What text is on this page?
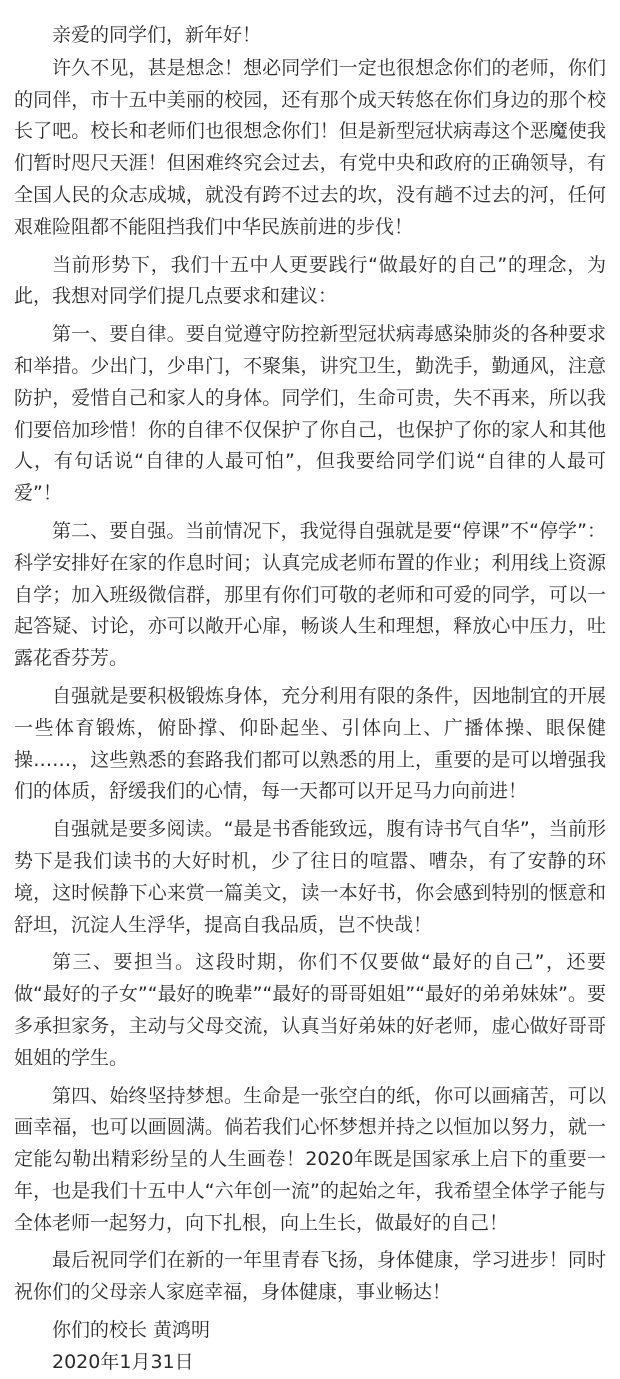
亲爱的同学们，新年好！

许久不见，甚是想念！想必同学们一定也很想念你们的老师，你们的同伴，市十五中美丽的校园，还有那个成天转悠在你们身边的那个校长了吧。校长和老师们也很想念你们！但是新型冠状病毒这个恶魔使我们暂时咫尺天涯！但困难终究会过去，有党中央和政府的正确领导，有全国人民的众志成城，就没有跨不过去的坎，没有趟不过去的河，任何艰难险阻都不能阻挡我们中华民族前进的步伐！

当前形势下，我们十五中人更要践行“做最好的自己”的理念，为此，我想对同学们提几点要求和建议：

第一、要自律。要自觉遵守防控新型冠状病毒感染肺炎的各种要求和举措。少出门，少串门，不聚集，讲究卫生，勤洗手，勤通风，注意防护，爱惜自己和家人的身体。同学们，生命可贵，失不再来，所以我们要倍加珍惜！你的自律不仅保护了你自己，也保护了你的家人和其他人，有句话说“自律的人最可怕”，但我要给同学们说“自律的人最可爱”！

第二、要自强。当前情况下，我觉得自强就是要“停课”不“停学”：科学安排好在家的作息时间；认真完成老师布置的作业；利用线上资源自学；加入班级微信群，那里有你们可敬的老师和可爱的同学，可以一起答疑、讨论，亦可以敞开心扉，畅谈人生和理想，释放心中压力，吐露花香芬芳。

自强就是要积极锻炼身体，充分利用有限的条件，因地制宜的开展一些体育锻炼，俯卧撑、仰卧起坐、引体向上、广播体操、眼保健操……，这些熟悉的套路我们都可以熟悉的用上，重要的是可以增强我们的体质，舒缓我们的心情，每一天都可以开足马力向前进！

自强就是要多阅读。“最是书香能致远，腹有诗书气自华”，当前形势下是我们读书的大好时机，少了往日的喧嚣、嘈杂，有了安静的环境，这时候静下心来赏一篇美文，读一本好书，你会感到特别的惬意和舒坦，沉淀人生浮华，提高自我品质，岂不快哉！

第三、要担当。这段时期，你们不仅要做“最好的自己”，还要做“最好的子女”“最好的晚辈”“最好的哥哥姐姐”“最好的弟弟妹妹”。要多承担家务，主动与父母交流，认真当好弟妹的好老师，虚心做好哥哥姐姐的学生。

第四、始终坚持梦想。生命是一张空白的纸，你可以画痛苦，可以画幸福，也可以画圆满。倘若我们心怀梦想并持之以恒加以努力，就一定能勾勒出精彩纷呈的人生画卷！2020年既是国家承上启下的重要一年，也是我们十五中人“六年创一流”的起始之年，我希望全体学子能与全体老师一起努力，向下扎根，向上生长，做最好的自己！

最后祝同学们在新的一年里青春飞扬，身体健康，学习进步！同时祝你们的父母亲人家庭幸福，身体健康，事业畅达！

你们的校长 黄鸿明

2020年1月31日
